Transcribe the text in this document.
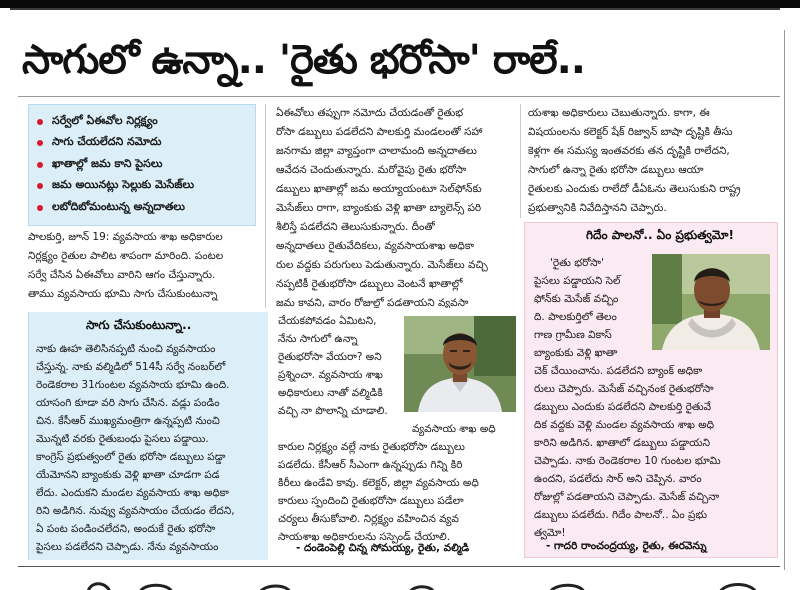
సాగులో ఉన్నా.. 'రైతు భరోసా' రాలే..
సర్వేలో ఏఈవోల నిర్లక్ష్యం
సాగు చేయలేదని నమోదు
ఖాతాల్లో జమ కాని పైసలు
జమ అయినట్లు సెల్లుకు మెసేజ్‌లు
లబోదిబోమంటున్న అన్నదాతలు
పాలకుర్తి, జూన్ 19: వ్యవసాయ శాఖ అధికారుల
నిర్లక్ష్యం రైతుల పాలిట శాపంగా మారింది. పంటల
సర్వే చేసిన ఏఈవోలు వారిని ఆగం చేస్తున్నారు.
తాము వ్యవసాయ భూమి సాగు చేసుకుంటున్నా
ఏఈవోలు తప్పుగా నమోదు చేయడంతో రైతుభ
రోసా డబ్బులు పడలేదని పాలకుర్తి మండలంతో సహా
జనగామ జిల్లా వ్యాప్తంగా చాలామంది అన్నదాతలు
ఆవేదన చెందుతున్నారు. మరోవైపు రైతు భరోసా
డబ్బులు ఖాతాల్లో జమ అయ్యాయంటూ సెల్‌ఫోన్‌కు
మెసేజ్‌లు రాగా, బ్యాంకుకు వెళ్లి ఖాతా బ్యాలెన్స్ పరి
శీలిస్తే పడలేదని తెలుసుకున్నారు. దీంతో
అన్నదాతలు రైతువేదికలు, వ్యవసాయశాఖ అధికా
రుల వద్దకు పరుగులు పెడుతున్నారు. మెసేజ్‌లు వచ్చి
నప్పటికీ రైతుభరోసా డబ్బులు వెంటనే ఖాతాల్లో
జమ కావని, వారం రోజుల్లో పడతాయని వ్యవసా
యశాఖ అధికారులు చెబుతున్నారు. కాగా, ఈ
విషయంలను కలెక్టర్ షేక్ రిజ్వాన్ బాషా దృష్టికి తీసు
కెళ్లగా ఈ సమస్య ఇంతవరకు తన దృష్టికి రాలేదని,
సాగులో ఉన్నా రైతు భరోసా డబ్బులు ఆయా
రైతులకు ఎందుకు రాలేదో డీఏఓను తెలుసుకుని రాష్ట్ర
ప్రభుత్వానికి నివేదిస్తానని చెప్పారు.
సాగు చేసుకుంటున్నా..
నాకు ఊహ తెలిసినప్పటి నుంచి వ్యవసాయం
చేస్తున్న. నాకు వల్మిడిలో 514సీ సర్వే నంబర్‌లో
రెండెకరాల 31గుంటల వ్యవసాయ భూమి ఉంది.
యాసంగి కూడా వరి సాగు చేసిన. వడ్లు పండిం
చిన. కేసీఆర్ ముఖ్యమంత్రిగా ఉన్నప్పటి నుంచి
మొన్నటి వరకు రైతుబంధు పైసలు పడ్డాయి.
కాంగ్రెస్ ప్రభుత్వంలో రైతు భరోసా డబ్బులు పడ్డా
యేమోనని బ్యాంకుకు వెళ్లి ఖాతా చూడగా పడ
లేదు. ఎందుకని మండల వ్యవసాయ శాఖ అధికా
రిని అడిగిన. నువ్వు వ్యవసాయం చేయడం లేదని,
ఏ పంట పండించలేదని, అందుకే రైతు భరోసా
పైసలు పడలేదని చెప్పాడు. నేను వ్యవసాయం
చేయకపోవడం ఏమిటని,
నేను సాగులో ఉన్నా
రైతుభరోసా వేయరా? అని
ప్రశ్నించా. వ్యవసాయ శాఖ
అధికారులు నాతో వల్మిడికి
వచ్చి నా పొలాన్ని చూడాలి.
వ్యవసాయ శాఖ అధి
కారుల నిర్లక్ష్యం వల్లే నాకు రైతుభరోసా డబ్బులు
పడలేదు. కేసీఆర్ సీఎంగా ఉన్నప్పుడు గిన్ని కిరి
కిరీలు ఉండేవి కావు. కలెక్టర్, జిల్లా వ్యవసాయ అధి
కారులు స్పందించి రైతుభరోసా డబ్బులు పడేలా
చర్యలు తీసుకోవాలి. నిర్లక్ష్యం వహించిన వ్యవ
సాయశాఖ అధికారులను సస్పెండ్ చేయాలి.
- దండెంపెల్లి చిన్న సోమయ్య, రైతు, వల్మిడి
గిదేం పాలనో.. ఏం ప్రభుత్వమో!
'రైతు భరోసా'
పైసలు పడ్డాయని సెల్
ఫోన్‌కు మెసేజ్ వచ్చిం
ది. పాలకుర్తిలో తెలం
గాణ గ్రామీణ వికాస్
బ్యాంకుకు వెళ్లి ఖాతా
చెక్ చేయించాను. పడలేదని బ్యాంక్ అధికా
రులు చెప్పారు. మెసేజ్ వచ్చినంక రైతుభరోసా
డబ్బులు ఎందుకు పడలేదని పాలకుర్తి రైతువే
దిక వద్దకు వెళ్లి మండల వ్యవసాయ శాఖ అధి
కారిని అడిగిన. ఖాతాలో డబ్బులు పడ్డాయని
చెప్పాడు. నాకు రెండెకరాల 10 గుంటల భూమి
ఉందని, పడలేదు సార్ అని చెప్పిన. వారం
రోజుల్లో పడతాయని చెప్పాడు. మెసేజ్ వచ్చినా
డబ్బులు పడలేదు. గిదేం పాలనో.. ఏం ప్రభు
త్వమో!
- గాదరి రాంచంద్రయ్య, రైతు, ఈరవెన్ను
